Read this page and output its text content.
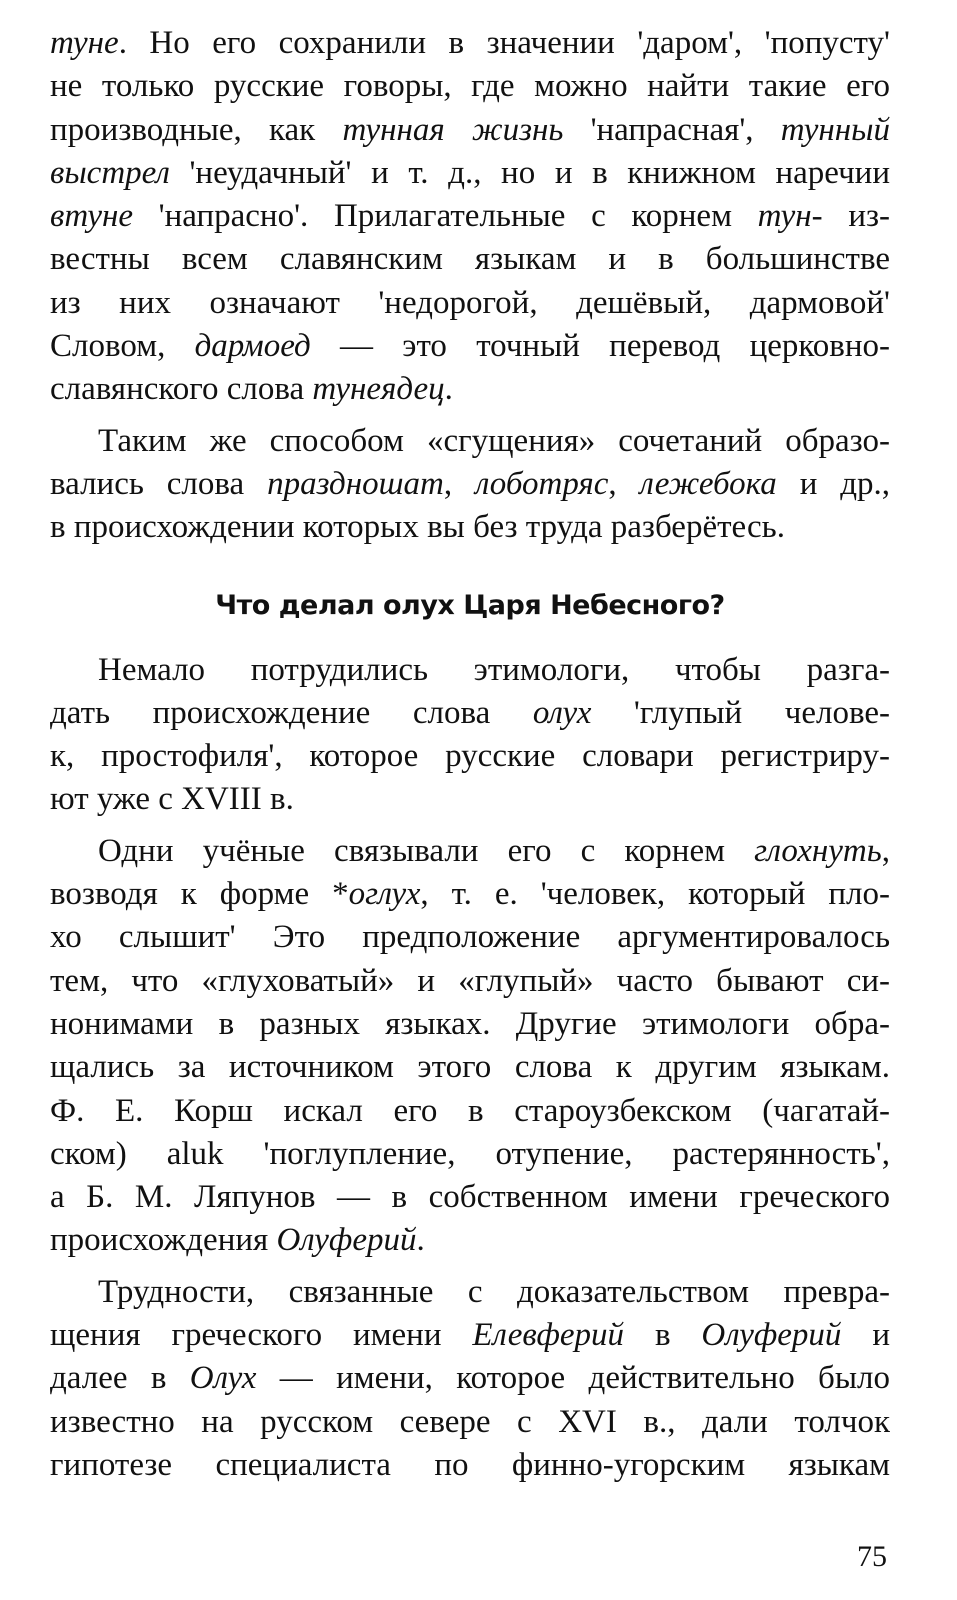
туне. Но его сохранили в значении 'даром', 'попусту'
не только русские говоры, где можно найти такие его
производные, как тунная жизнь 'напрасная', тунный
выстрел 'неудачный' и т. д., но и в книжном наречии
втуне 'напрасно'. Прилагательные с корнем тун- из-
вестны всем славянским языкам и в большинстве
из них означают 'недорогой, дешёвый, дармовой'
Словом, дармоед — это точный перевод церковно-
славянского слова тунеядец.
Таким же способом «сгущения» сочетаний образо-
вались слова праздношат, лоботряс, лежебока и др.,
в происхождении которых вы без труда разберётесь.
Что делал олух Царя Небесного?
Немало потрудились этимологи, чтобы разга-
дать происхождение слова олух 'глупый челове-
к, простофиля', которое русские словари регистриру-
ют уже с XVIII в.
Одни учёные связывали его с корнем глохнуть,
возводя к форме *оглух, т. е. 'человек, который пло-
хо слышит' Это предположение аргументировалось
тем, что «глуховатый» и «глупый» часто бывают си-
нонимами в разных языках. Другие этимологи обра-
щались за источником этого слова к другим языкам.
Ф. Е. Корш искал его в староузбекском (чагатай-
ском) aluk 'поглупление, отупение, растерянность',
а Б. М. Ляпунов — в собственном имени греческого
происхождения Олуферий.
Трудности, связанные с доказательством превра-
щения греческого имени Елевферий в Олуферий и
далее в Олух — имени, которое действительно было
известно на русском севере с XVI в., дали толчок
гипотезе специалиста по финно-угорским языкам
75
